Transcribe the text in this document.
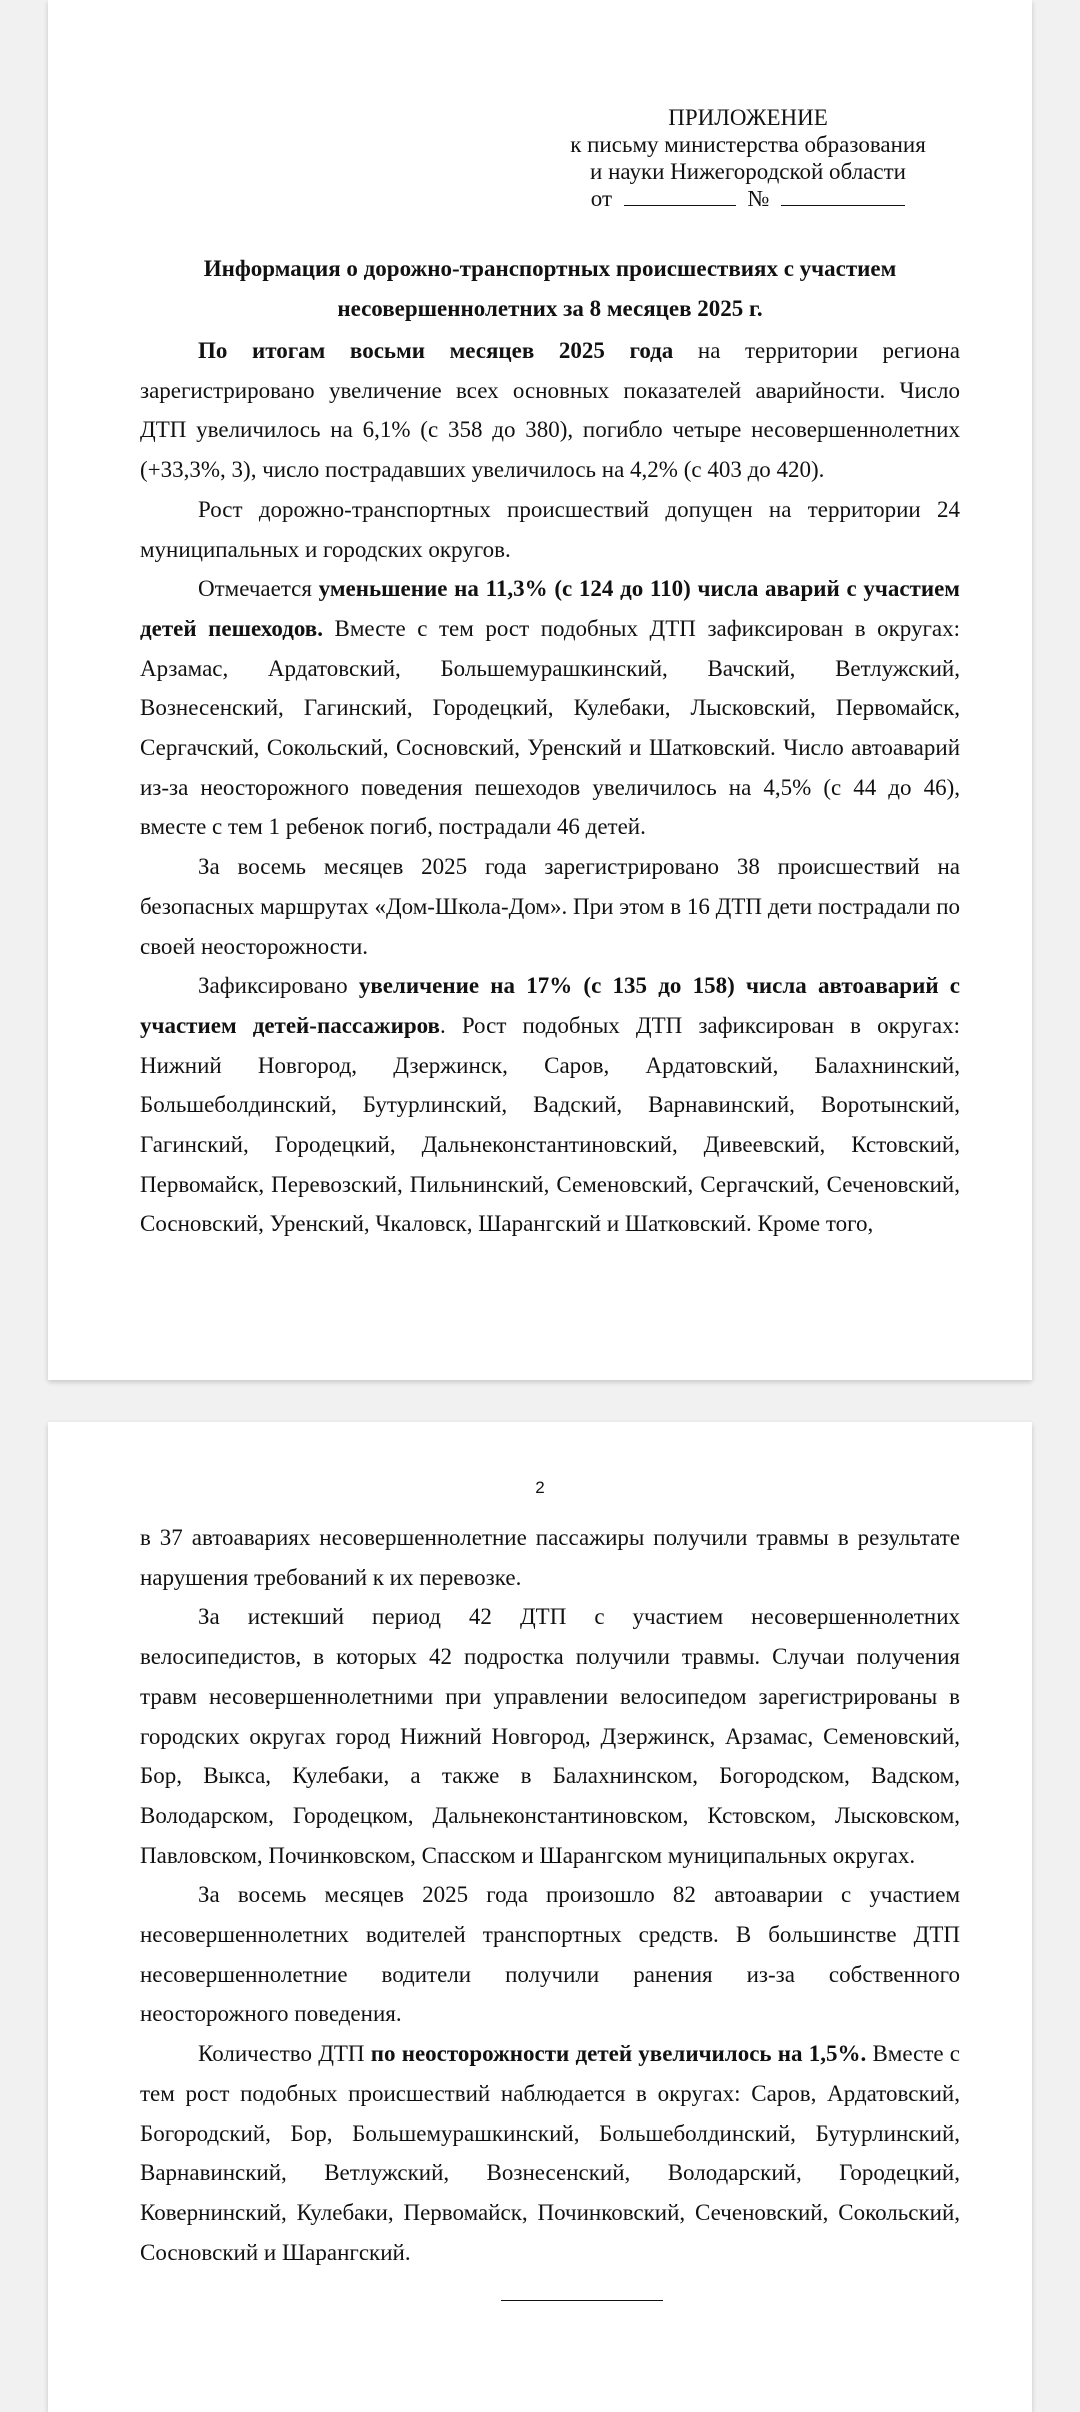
ПРИЛОЖЕНИЕ
к письму министерства образования
и науки Нижегородской области
от	№
Информация о дорожно-транспортных происшествиях с участием
несовершеннолетних за 8 месяцев 2025 г.

По итогам восьми месяцев 2025 года на территории региона зарегистрировано увеличение всех основных показателей аварийности. Число ДТП увеличилось на 6,1% (с 358 до 380), погибло четыре несовершеннолетних (+33,3%, 3), число пострадавших увеличилось на 4,2% (с 403 до 420).

Рост дорожно-транспортных происшествий допущен на территории 24 муниципальных и городских округов.

Отмечается уменьшение на 11,3% (с 124 до 110) числа аварий с участием детей пешеходов. Вместе с тем рост подобных ДТП зафиксирован в округах: Арзамас, Ардатовский, Большемурашкинский, Вачский, Ветлужский, Вознесенский, Гагинский, Городецкий, Кулебаки, Лысковский, Первомайск, Сергачский, Сокольский, Сосновский, Уренский и Шатковский. Число автоаварий из-за неосторожного поведения пешеходов увеличилось на 4,5% (с 44 до 46), вместе с тем 1 ребенок погиб, пострадали 46 детей.

За восемь месяцев 2025 года зарегистрировано 38 происшествий на безопасных маршрутах «Дом-Школа-Дом». При этом в 16 ДТП дети пострадали по своей неосторожности.

Зафиксировано увеличение на 17% (с 135 до 158) числа автоаварий с участием детей-пассажиров. Рост подобных ДТП зафиксирован в округах: Нижний Новгород, Дзержинск, Саров, Ардатовский, Балахнинский, Большеболдинский, Бутурлинский, Вадский, Варнавинский, Воротынский, Гагинский, Городецкий, Дальнеконстантиновский, Дивеевский, Кстовский, Первомайск, Перевозский, Пильнинский, Семеновский, Сергачский, Сеченовский, Сосновский, Уренский, Чкаловск, Шарангский и Шатковский. Кроме того,

2

в 37 автоавариях несовершеннолетние пассажиры получили травмы в результате нарушения требований к их перевозке.

За истекший период 42 ДТП с участием несовершеннолетних велосипедистов, в которых 42 подростка получили травмы. Случаи получения травм несовершеннолетними при управлении велосипедом зарегистрированы в городских округах город Нижний Новгород, Дзержинск, Арзамас, Семеновский, Бор, Выкса, Кулебаки, а также в Балахнинском, Богородском, Вадском, Володарском, Городецком, Дальнеконстантиновском, Кстовском, Лысковском, Павловском, Починковском, Спасском и Шарангском муниципальных округах.

За восемь месяцев 2025 года произошло 82 автоаварии с участием несовершеннолетних водителей транспортных средств. В большинстве ДТП несовершеннолетние водители получили ранения из-за собственного неосторожного поведения.

Количество ДТП по неосторожности детей увеличилось на 1,5%. Вместе с тем рост подобных происшествий наблюдается в округах: Саров, Ардатовский, Богородский, Бор, Большемурашкинский, Большеболдинский, Бутурлинский, Варнавинский, Ветлужский, Вознесенский, Володарский, Городецкий, Ковернинский, Кулебаки, Первомайск, Починковский, Сеченовский, Сокольский, Сосновский и Шарангский.
